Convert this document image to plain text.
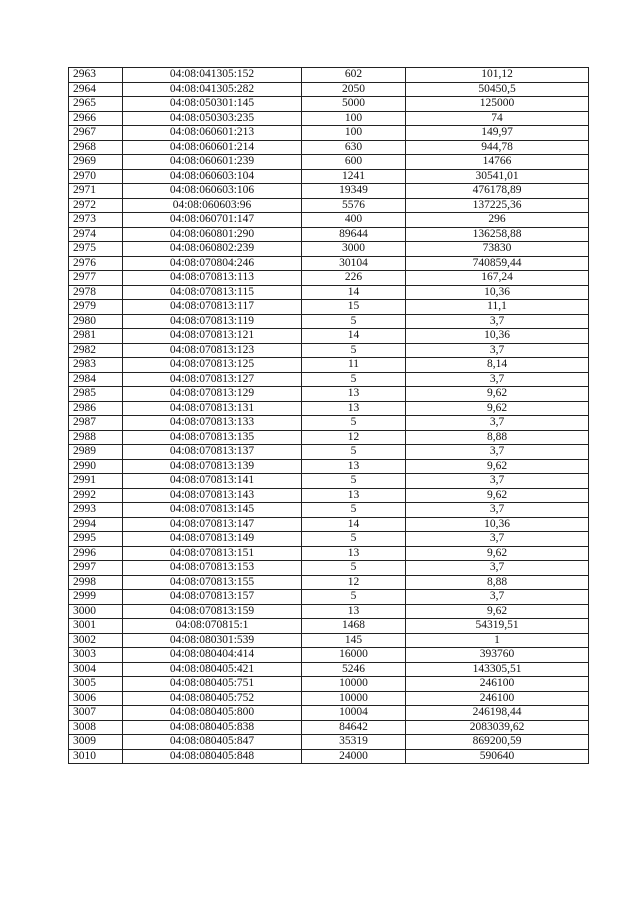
2963	04:08:041305:152	602	101,12
2964	04:08:041305:282	2050	50450,5
2965	04:08:050301:145	5000	125000
2966	04:08:050303:235	100	74
2967	04:08:060601:213	100	149,97
2968	04:08:060601:214	630	944,78
2969	04:08:060601:239	600	14766
2970	04:08:060603:104	1241	30541,01
2971	04:08:060603:106	19349	476178,89
2972	04:08:060603:96	5576	137225,36
2973	04:08:060701:147	400	296
2974	04:08:060801:290	89644	136258,88
2975	04:08:060802:239	3000	73830
2976	04:08:070804:246	30104	740859,44
2977	04:08:070813:113	226	167,24
2978	04:08:070813:115	14	10,36
2979	04:08:070813:117	15	11,1
2980	04:08:070813:119	5	3,7
2981	04:08:070813:121	14	10,36
2982	04:08:070813:123	5	3,7
2983	04:08:070813:125	11	8,14
2984	04:08:070813:127	5	3,7
2985	04:08:070813:129	13	9,62
2986	04:08:070813:131	13	9,62
2987	04:08:070813:133	5	3,7
2988	04:08:070813:135	12	8,88
2989	04:08:070813:137	5	3,7
2990	04:08:070813:139	13	9,62
2991	04:08:070813:141	5	3,7
2992	04:08:070813:143	13	9,62
2993	04:08:070813:145	5	3,7
2994	04:08:070813:147	14	10,36
2995	04:08:070813:149	5	3,7
2996	04:08:070813:151	13	9,62
2997	04:08:070813:153	5	3,7
2998	04:08:070813:155	12	8,88
2999	04:08:070813:157	5	3,7
3000	04:08:070813:159	13	9,62
3001	04:08:070815:1	1468	54319,51
3002	04:08:080301:539	145	1
3003	04:08:080404:414	16000	393760
3004	04:08:080405:421	5246	143305,51
3005	04:08:080405:751	10000	246100
3006	04:08:080405:752	10000	246100
3007	04:08:080405:800	10004	246198,44
3008	04:08:080405:838	84642	2083039,62
3009	04:08:080405:847	35319	869200,59
3010	04:08:080405:848	24000	590640
